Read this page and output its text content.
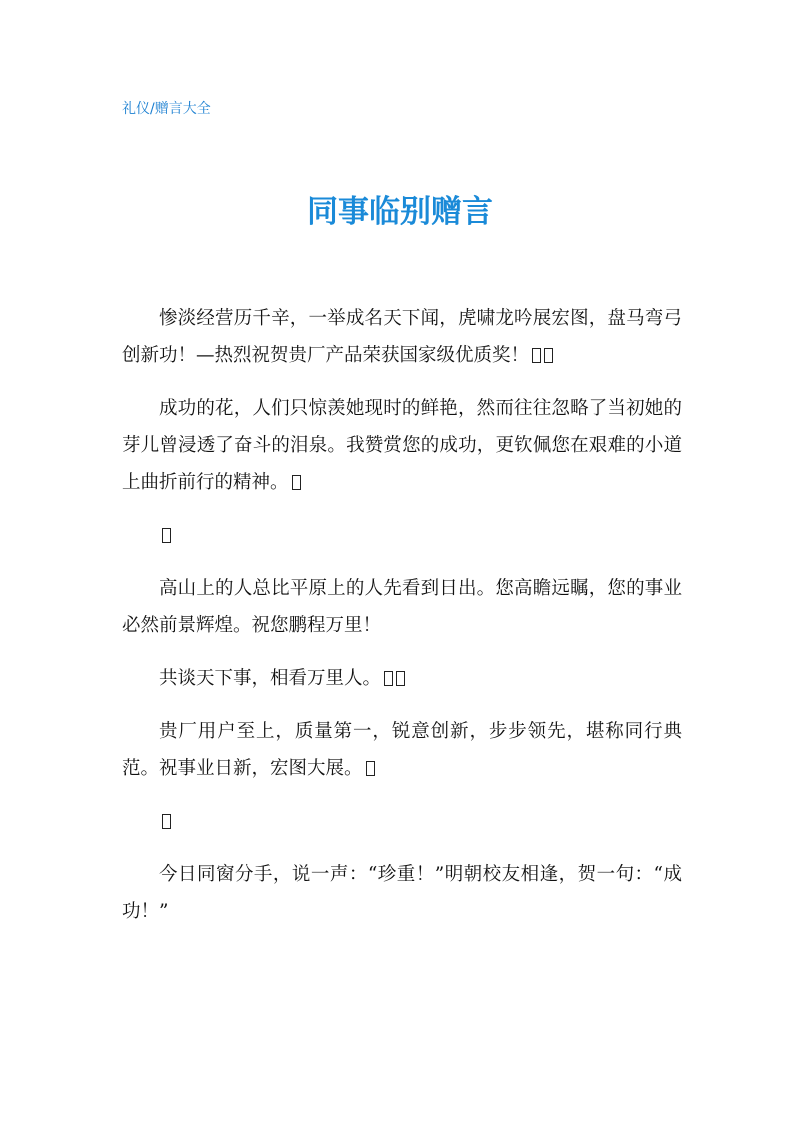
礼仪/赠言大全
同事临别赠言

惨淡经营历千辛，一举成名天下闻，虎啸龙吟展宏图，盘马弯弓创新功！—热烈祝贺贵厂产品荣获国家级优质奖！

成功的花，人们只惊羡她现时的鲜艳，然而往往忽略了当初她的芽儿曾浸透了奋斗的泪泉。我赞赏您的成功，更钦佩您在艰难的小道上曲折前行的精神。

高山上的人总比平原上的人先看到日出。您高瞻远瞩，您的事业必然前景辉煌。祝您鹏程万里！

共谈天下事，相看万里人。

贵厂用户至上，质量第一，锐意创新，步步领先，堪称同行典范。祝事业日新，宏图大展。

今日同窗分手，说一声：“珍重！”明朝校友相逢，贺一句：“成功！”
